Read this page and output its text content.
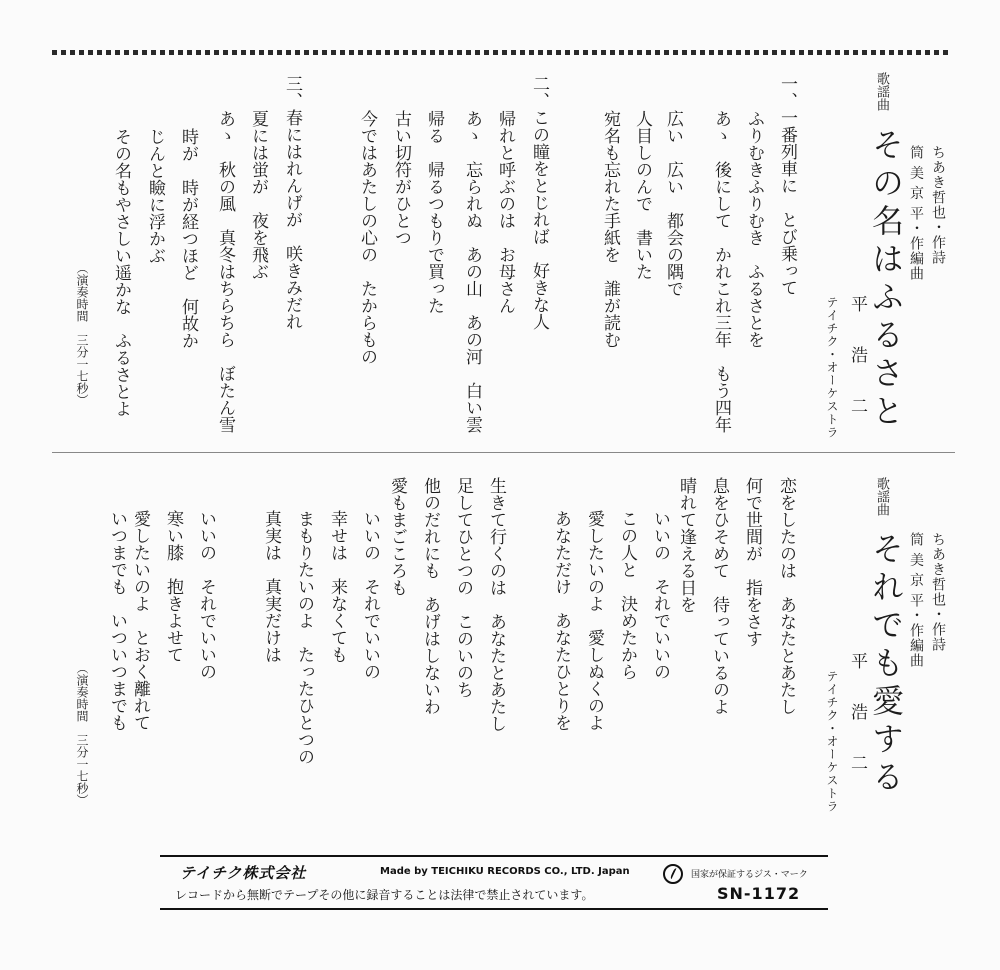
歌謡曲
その名はふるさと ちあき哲也・作詩
筒 美 京 平・作編曲
平　　浩　　二
テイチク・オーケストラ
一、一番列車に　とび乗って
ふりむきふりむき　ふるさとを
あゝ　後にして　かれこれ三年　もう四年
広い　広い　都会の隅で
人目しのんで　書いた
宛名も忘れた手紙を　誰が読む
二、この瞳をとじれば　好きな人
帰れと呼ぶのは　お母さん
あゝ　忘られぬ　あの山　あの河　白い雲
帰る　帰るつもりで買った
古い切符がひとつ
今ではあたしの心の　たからもの
三、春にはれんげが　咲きみだれ
夏には蛍が　夜を飛ぶ
あゝ　秋の風　真冬はちらちら　ぼたん雪
時が　時が経つほど　何故か
じんと瞼に浮かぶ
その名もやさしい遥かな　ふるさとよ
（演奏時間　三分一七秒）
歌謡曲
それでも愛する ちあき哲也・作詩
筒 美 京 平・作編曲
平　　浩　　二
テイチク・オーケストラ
恋をしたのは　あなたとあたし
何で世間が　指をさす
息をひそめて　待っているのよ
晴れて逢える日を
いいの　それでいいの
この人と　決めたから
愛したいのよ　愛しぬくのよ
あなただけ　あなたひとりを
生きて行くのは　あなたとあたし
足してひとつの　このいのち
他のだれにも　あげはしないわ
愛もまごころも
いいの　それでいいの
幸せは　来なくても
まもりたいのよ　たったひとつの
真実は　真実だけは
いいの　それでいいの
寒い膝　抱きよせて
愛したいのよ　とおく離れて
いつまでも　いついつまでも
（演奏時間　三分一七秒）
テイチク株式会社	Made by TEICHIKU RECORDS CO., LTD. Japan
レコードから無断でテープその他に録音することは法律で禁止されています。
国家が保証するジス・マーク
SN-1172
